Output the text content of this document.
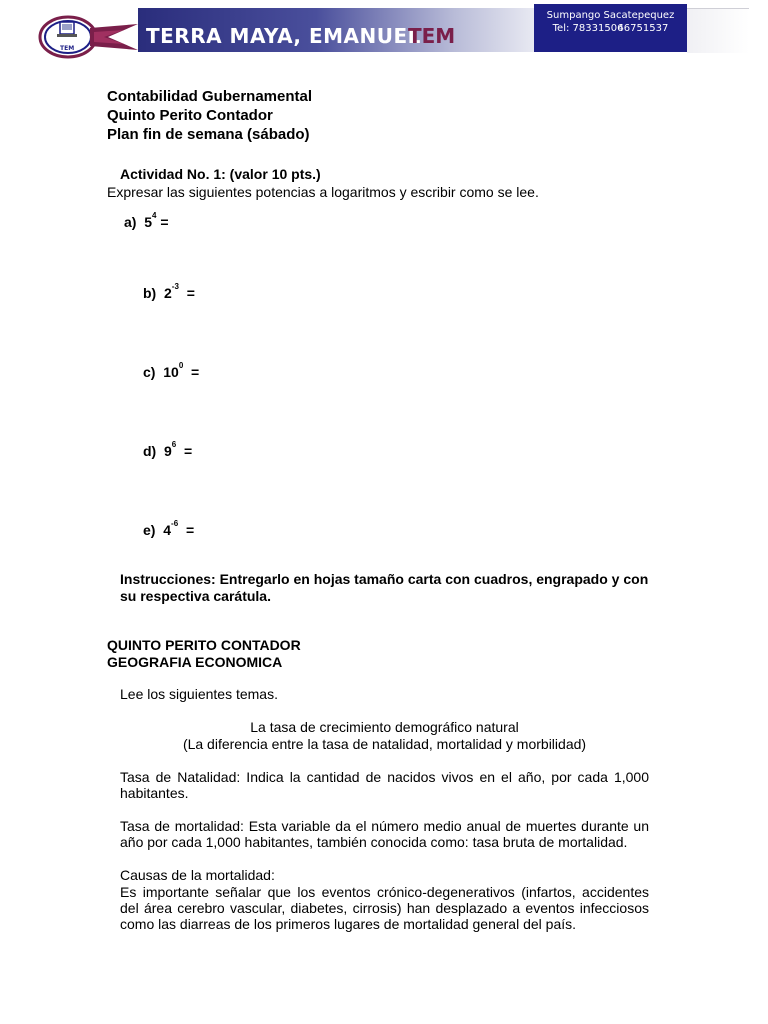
TEM
TERRA MAYA, EMANUEL
TEM
Sumpango Sacatepequez
Tel: 7833150646751537
Contabilidad Gubernamental
Quinto Perito Contador
Plan fin de semana (sábado)
Actividad No. 1: (valor 10 pts.)
Expresar las siguientes potencias a logaritmos y escribir como se lee.
a) $5^4$ =
b) $2^{-3}$ =
c) $10^0$ =
d) $9^6$ =
e) $4^{-6}$ =
Instrucciones: Entregarlo en hojas tamaño carta con cuadros, engrapado y con
su respectiva carátula.
QUINTO PERITO CONTADOR
GEOGRAFIA ECONOMICA
Lee los siguientes temas.
La tasa de crecimiento demográfico natural
(La diferencia entre la tasa de natalidad, mortalidad y morbilidad)
Tasa de Natalidad: Indica la cantidad de nacidos vivos en el año, por cada 1,000 habitantes.
Tasa de mortalidad: Esta variable da el número medio anual de muertes durante un año por cada 1,000 habitantes, también conocida como: tasa bruta de mortalidad.
Causas de la mortalidad:
Es importante señalar que los eventos crónico-degenerativos (infartos, accidentes del área cerebro vascular, diabetes, cirrosis) han desplazado a eventos infecciosos como las diarreas de los primeros lugares de mortalidad general del país.
